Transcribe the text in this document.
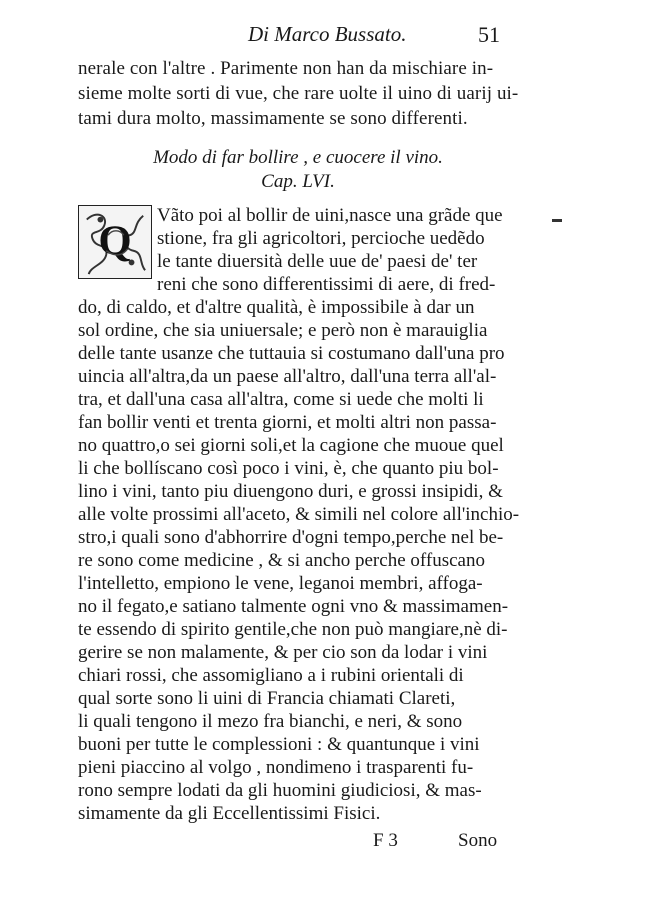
Di Marco Bussato.	51
nerale con l'altre . Parimente non han da mischiare in-
sieme molte sorti di vue, che rare uolte il uino di uarij ui-
tami dura molto, massimamente se sono differenti.
Modo di far bollire , e cuocere il vino.
Cap. LVI.
Q
Vãto poi al bollir de uini,nasce una grãde que
stione, fra gli agricoltori, percioche uedẽdo
le tante diuersità delle uue de' paesi de' ter
reni che sono differentissimi di aere, di fred-
do, di caldo, et d'altre qualità, è impossibile à dar un
sol ordine, che sia uniuersale; e però non è marauiglia
delle tante usanze che tuttauia si costumano dall'una pro
uincia all'altra,da un paese all'altro, dall'una terra all'al-
tra, et dall'una casa all'altra, come si uede che molti li
fan bollir venti et trenta giorni, et molti altri non passa-
no quattro,o sei giorni soli,et la cagione che muoue quel
li che bollíscano così poco i vini, è, che quanto piu bol-
lino i vini, tanto piu diuengono duri, e grossi insipidi, &
alle volte prossimi all'aceto, & simili nel colore all'inchio-
stro,i quali sono d'abhorrire d'ogni tempo,perche nel be-
re sono come medicine , & si ancho perche offuscano
l'intelletto, empiono le vene, leganoi membri, affoga-
no il fegato,e satiano talmente ogni vno & massimamen-
te essendo di spirito gentile,che non può mangiare,nè di-
gerire se non malamente, & per cio son da lodar i vini
chiari rossi, che assomigliano a i rubini orientali di
qual sorte sono li uini di Francia chiamati Clareti,
li quali tengono il mezo fra bianchi, e neri, & sono
buoni per tutte le complessioni : & quantunque i vini
pieni piaccino al volgo , nondimeno i trasparenti fu-
rono sempre lodati da gli huomini giudiciosi, & mas-
simamente da gli Eccellentissimi Fisici.
F 3	Sono
